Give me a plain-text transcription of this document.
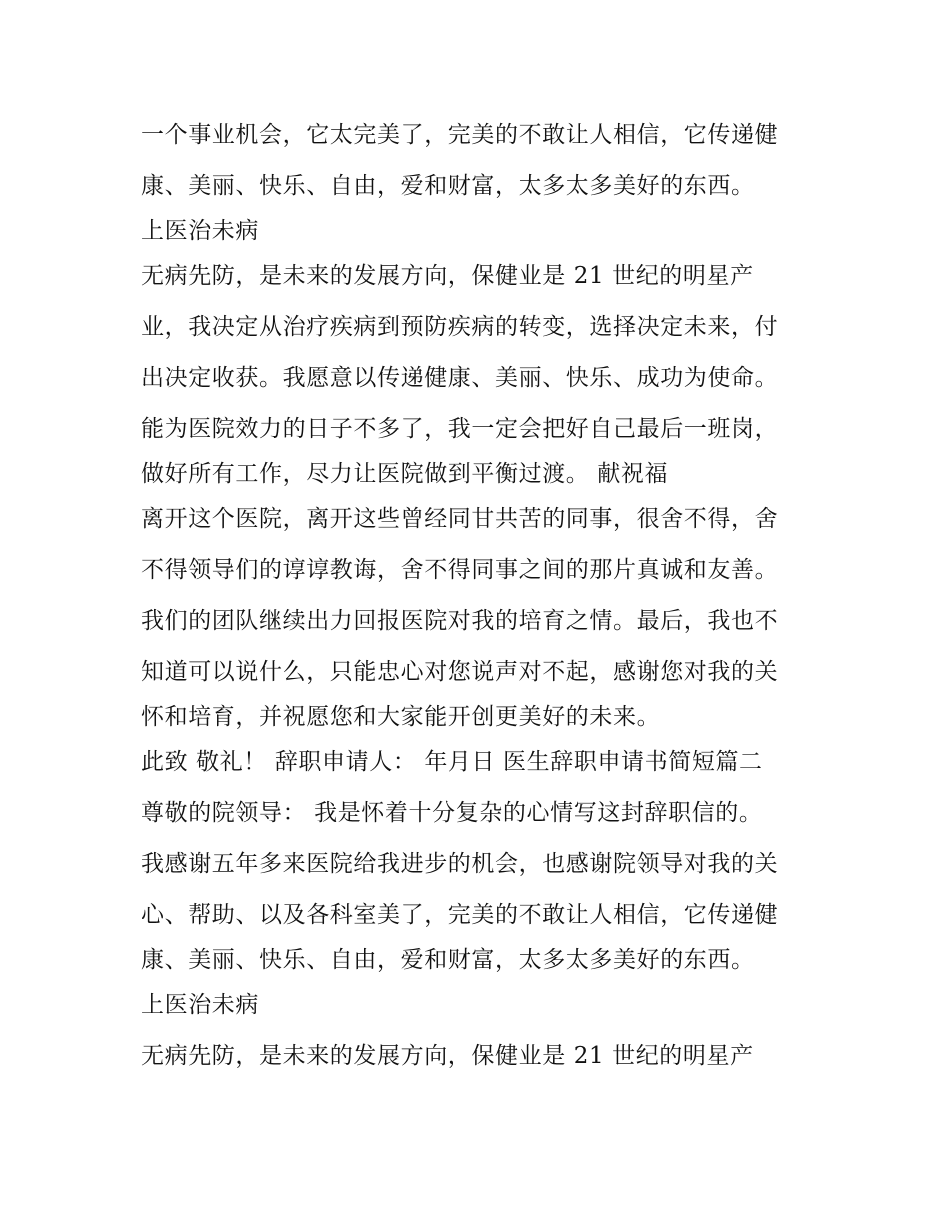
一个事业机会，它太完美了，完美的不敢让人相信，它传递健
康、美丽、快乐、自由，爱和财富，太多太多美好的东西。
上医治未病
无病先防，是未来的发展方向，保健业是 21 世纪的明星产
业，我决定从治疗疾病到预防疾病的转变，选择决定未来，付
出决定收获。我愿意以传递健康、美丽、快乐、成功为使命。
能为医院效力的日子不多了，我一定会把好自己最后一班岗，
做好所有工作，尽力让医院做到平衡过渡。 献祝福
离开这个医院，离开这些曾经同甘共苦的同事，很舍不得，舍
不得领导们的谆谆教诲，舍不得同事之间的那片真诚和友善。
我们的团队继续出力回报医院对我的培育之情。最后，我也不
知道可以说什么，只能忠心对您说声对不起，感谢您对我的关
怀和培育，并祝愿您和大家能开创更美好的未来。
此致 敬礼！ 辞职申请人： 年月日 医生辞职申请书简短篇二
尊敬的院领导： 我是怀着十分复杂的心情写这封辞职信的。
我感谢五年多来医院给我进步的机会，也感谢院领导对我的关
心、帮助、以及各科室美了，完美的不敢让人相信，它传递健
康、美丽、快乐、自由，爱和财富，太多太多美好的东西。
上医治未病
无病先防，是未来的发展方向，保健业是 21 世纪的明星产
